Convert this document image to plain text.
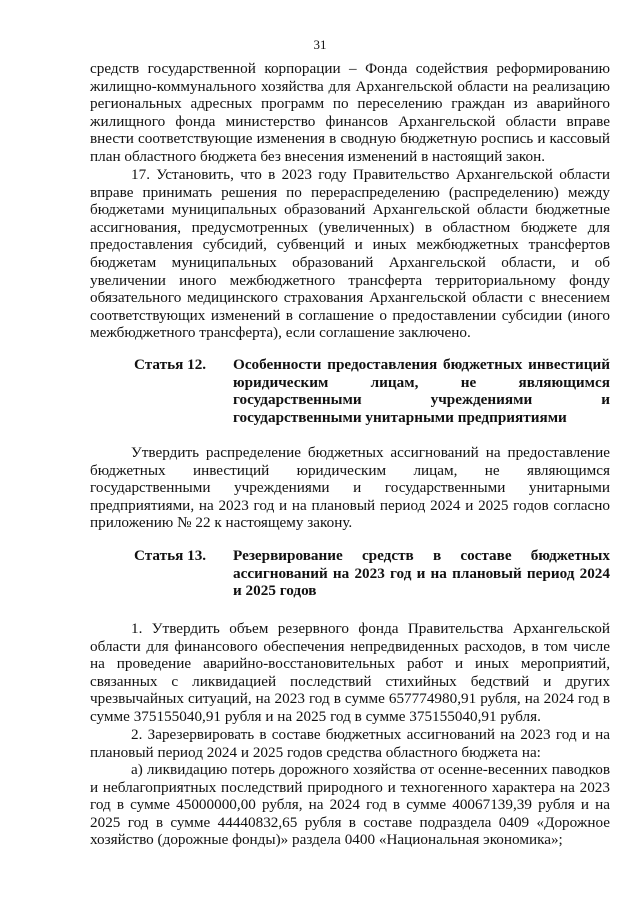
31

средств государственной корпорации – Фонда содействия реформированию жилищно-коммунального хозяйства для Архангельской области на реализацию региональных адресных программ по переселению граждан из аварийного жилищного фонда министерство финансов Архангельской области вправе внести соответствующие изменения в сводную бюджетную роспись и кассовый план областного бюджета без внесения изменений в настоящий закон.

17. Установить, что в 2023 году Правительство Архангельской области вправе принимать решения по перераспределению (распределению) между бюджетами муниципальных образований Архангельской области бюджетные ассигнования, предусмотренных (увеличенных) в областном бюджете для предоставления субсидий, субвенций и иных межбюджетных трансфертов бюджетам муниципальных образований Архангельской области, и об увеличении иного межбюджетного трансферта территориальному фонду обязательного медицинского страхования Архангельской области с внесением соответствующих изменений в соглашение о предоставлении субсидии (иного межбюджетного трансферта), если соглашение заключено.

Статья 12. Особенности предоставления бюджетных инвестиций юридическим лицам, не являющимся государственными учреждениями и государственными унитарными предприятиями

Утвердить распределение бюджетных ассигнований на предоставление бюджетных инвестиций юридическим лицам, не являющимся государственными учреждениями и государственными унитарными предприятиями, на 2023 год и на плановый период 2024 и 2025 годов согласно приложению № 22 к настоящему закону.

Статья 13. Резервирование средств в составе бюджетных ассигнований на 2023 год и на плановый период 2024 и 2025 годов

1. Утвердить объем резервного фонда Правительства Архангельской области для финансового обеспечения непредвиденных расходов, в том числе на проведение аварийно-восстановительных работ и иных мероприятий, связанных с ликвидацией последствий стихийных бедствий и других чрезвычайных ситуаций, на 2023 год в сумме 657774980,91 рубля, на 2024 год в сумме 375155040,91 рубля и на 2025 год в сумме 375155040,91 рубля.

2. Зарезервировать в составе бюджетных ассигнований на 2023 год и на плановый период 2024 и 2025 годов средства областного бюджета на:

а) ликвидацию потерь дорожного хозяйства от осенне-весенних паводков и неблагоприятных последствий природного и техногенного характера на 2023 год в сумме 45000000,00 рубля, на 2024 год в сумме 40067139,39 рубля и на 2025 год в сумме 44440832,65 рубля в составе подраздела 0409 «Дорожное хозяйство (дорожные фонды)» раздела 0400 «Национальная экономика»;
